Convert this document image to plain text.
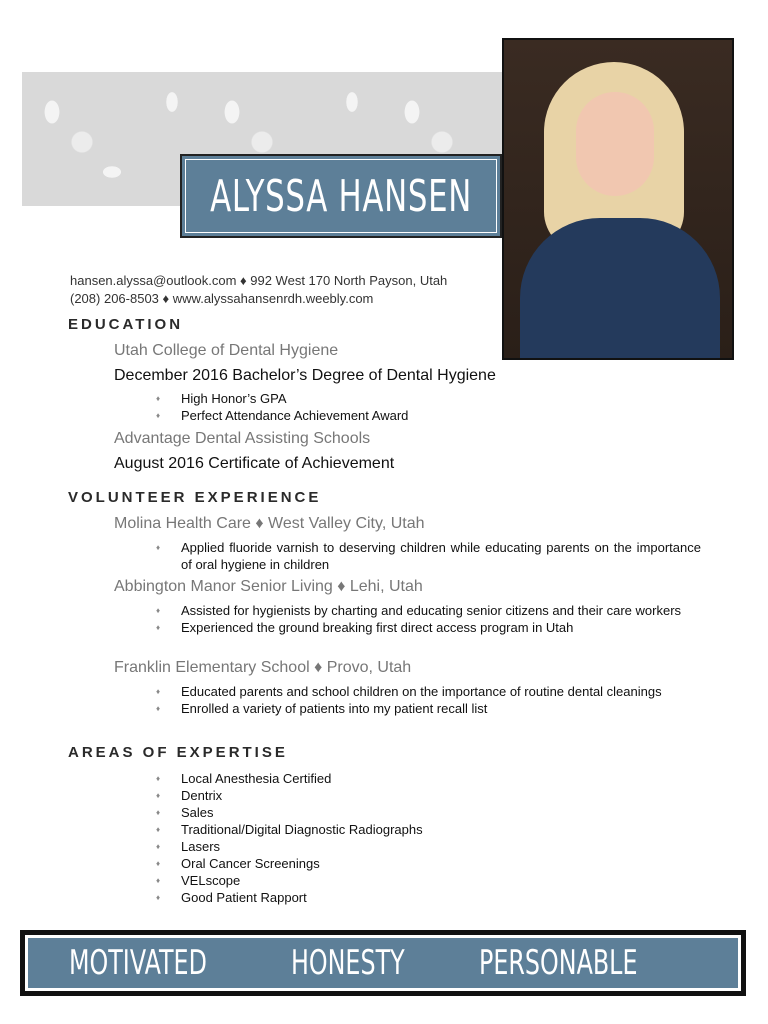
ALYSSA HANSEN
hansen.alyssa@outlook.com ♦ 992 West 170 North Payson, Utah
(208) 206-8503 ♦ www.alyssahansenrdh.weebly.com
EDUCATION
Utah College of Dental Hygiene
December 2016 Bachelor’s Degree of Dental Hygiene
♦ High Honor’s GPA
♦ Perfect Attendance Achievement Award
Advantage Dental Assisting Schools
August 2016 Certificate of Achievement
VOLUNTEER EXPERIENCE
Molina Health Care ♦ West Valley City, Utah
♦ Applied fluoride varnish to deserving children while educating parents on the importance of oral hygiene in children
Abbington Manor Senior Living ♦ Lehi, Utah
♦ Assisted for hygienists by charting and educating senior citizens and their care workers
♦ Experienced the ground breaking first direct access program in Utah
Franklin Elementary School ♦ Provo, Utah
♦ Educated parents and school children on the importance of routine dental cleanings
♦ Enrolled a variety of patients into my patient recall list
AREAS OF EXPERTISE
♦ Local Anesthesia Certified
♦ Dentrix
♦ Sales
♦ Traditional/Digital Diagnostic Radiographs
♦ Lasers
♦ Oral Cancer Screenings
♦ VELscope
♦ Good Patient Rapport
MOTIVATED HONESTY PERSONABLE
